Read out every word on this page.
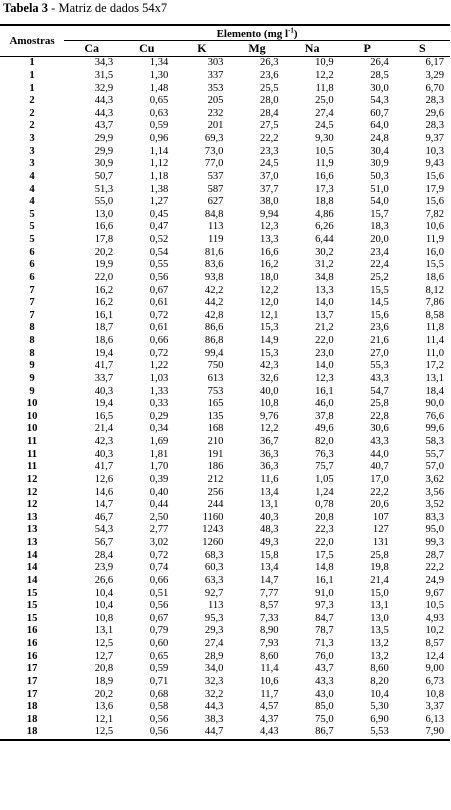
Tabela 3 - Matriz de dados 54x7
Amostras	Elemento (mg $l^{-1}$)						
	Ca	Cu	K	Mg	Na	P	S
1	34,3	1,34	303	26,3	10,9	26,4	6,17
1	31,5	1,30	337	23,6	12,2	28,5	3,29
1	32,9	1,48	353	25,5	11,8	30,0	6,70
2	44,3	0,65	205	28,0	25,0	54,3	28,3
2	44,3	0,63	232	28,4	27,4	60,7	29,6
2	43,7	0,59	201	27,5	24,5	64,0	28,3
3	29,9	0,96	69,3	22,2	9,30	24,8	9,37
3	29,9	1,14	73,0	23,3	10,5	30,4	10,3
3	30,9	1,12	77,0	24,5	11,9	30,9	9,43
4	50,7	1,18	537	37,0	16,6	50,3	15,6
4	51,3	1,38	587	37,7	17,3	51,0	17,9
4	55,0	1,27	627	38,0	18,8	54,0	15,6
5	13,0	0,45	84,8	9,94	4,86	15,7	7,82
5	16,6	0,47	113	12,3	6,26	18,3	10,6
5	17,8	0,52	119	13,3	6,44	20,0	11,9
6	20,2	0,54	81,6	16,6	30,2	23,4	16,0
6	19,9	0,55	83,6	16,2	31,2	22,4	15,5
6	22,0	0,56	93,8	18,0	34,8	25,2	18,6
7	16,2	0,67	42,2	12,2	13,3	15,5	8,12
7	16,2	0,61	44,2	12,0	14,0	14,5	7,86
7	16,1	0,72	42,8	12,1	13,7	15,6	8,58
8	18,7	0,61	86,6	15,3	21,2	23,6	11,8
8	18,6	0,66	86,8	14,9	22,0	21,6	11,4
8	19,4	0,72	99,4	15,3	23,0	27,0	11,0
9	41,7	1,22	750	42,3	14,0	55,3	17,2
9	33,7	1,03	613	32,6	12,3	43,3	13,1
9	40,3	1,33	753	40,0	16,1	54,7	18,4
10	19,4	0,33	165	10,8	46,0	25,8	90,0
10	16,5	0,29	135	9,76	37,8	22,8	76,6
10	21,4	0,34	168	12,2	49,6	30,6	99,6
11	42,3	1,69	210	36,7	82,0	43,3	58,3
11	40,3	1,81	191	36,3	76,3	44,0	55,7
11	41,7	1,70	186	36,3	75,7	40,7	57,0
12	12,6	0,39	212	11,6	1,05	17,0	3,62
12	14,6	0,40	256	13,4	1,24	22,2	3,56
12	14,7	0,44	244	13,1	0,78	20,6	3,52
13	46,7	2,50	1160	40,3	20,8	107	83,3
13	54,3	2,77	1243	48,3	22,3	127	95,0
13	56,7	3,02	1260	49,3	22,0	131	99,3
14	28,4	0,72	68,3	15,8	17,5	25,8	28,7
14	23,9	0,74	60,3	13,4	14,8	19,8	22,2
14	26,6	0,66	63,3	14,7	16,1	21,4	24,9
15	10,4	0,51	92,7	7,77	91,0	15,0	9,67
15	10,4	0,56	113	8,57	97,3	13,1	10,5
15	10,8	0,67	95,3	7,33	84,7	13,0	4,93
16	13,1	0,79	29,3	8,90	78,7	13,5	10,2
16	12,5	0,60	27,4	7,93	71,3	13,2	8,57
16	12,7	0,65	28,9	8,60	76,0	13,2	12,4
17	20,8	0,59	34,0	11,4	43,7	8,60	9,00
17	18,9	0,71	32,3	10,6	43,3	8,20	6,73
17	20,2	0,68	32,2	11,7	43,0	10,4	10,8
18	13,6	0,58	44,3	4,57	85,0	5,30	3,37
18	12,1	0,56	38,3	4,37	75,0	6,90	6,13
18	12,5	0,56	44,7	4,43	86,7	5,53	7,90
